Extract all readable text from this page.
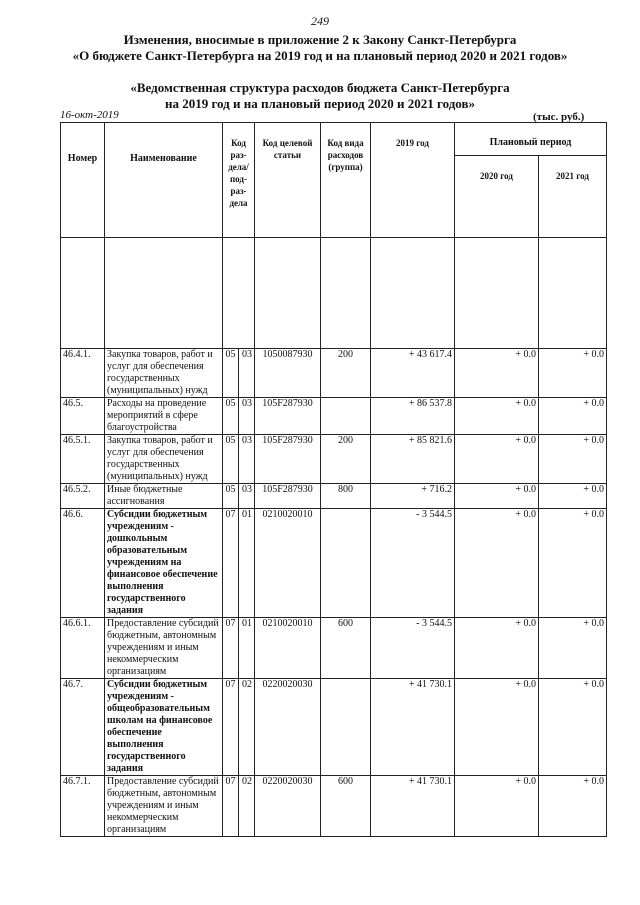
249
Изменения, вносимые в приложение 2 к Закону Санкт-Петербурга
«О бюджете Санкт-Петербурга на 2019 год и на плановый период 2020 и 2021 годов»
«Ведомственная структура расходов бюджета Санкт-Петербурга
на 2019 год и на плановый период 2020 и 2021 годов»
16-окт-2019	(тыс. руб.)
Номер	Наименование	Код раз-дела/ под-раз-дела		Код целевой статьи	Код вида расходов (группа)	2019 год	Плановый период	
							2020 год	2021 год

46.4.1.	Закупка товаров, работ и услуг для обеспечения государственных (муниципальных) нужд	05	03	1050087930	200	+ 43 617.4	+ 0.0	+ 0.0
46.5.	Расходы на проведение мероприятий в сфере благоустройства	05	03	105F287930		+ 86 537.8	+ 0.0	+ 0.0
46.5.1.	Закупка товаров, работ и услуг для обеспечения государственных (муниципальных) нужд	05	03	105F287930	200	+ 85 821.6	+ 0.0	+ 0.0
46.5.2.	Иные бюджетные ассигнования	05	03	105F287930	800	+ 716.2	+ 0.0	+ 0.0
46.6.	Субсидии бюджетным учреждениям - дошкольным образовательным учреждениям на финансовое обеспечение выполнения государственного задания	07	01	0210020010		- 3 544.5	+ 0.0	+ 0.0
46.6.1.	Предоставление субсидий бюджетным, автономным учреждениям и иным некоммерческим организациям	07	01	0210020010	600	- 3 544.5	+ 0.0	+ 0.0
46.7.	Субсидии бюджетным учреждениям - общеобразовательным школам на финансовое обеспечение выполнения государственного задания	07	02	0220020030		+ 41 730.1	+ 0.0	+ 0.0
46.7.1.	Предоставление субсидий бюджетным, автономным учреждениям и иным некоммерческим организациям	07	02	0220020030	600	+ 41 730.1	+ 0.0	+ 0.0
